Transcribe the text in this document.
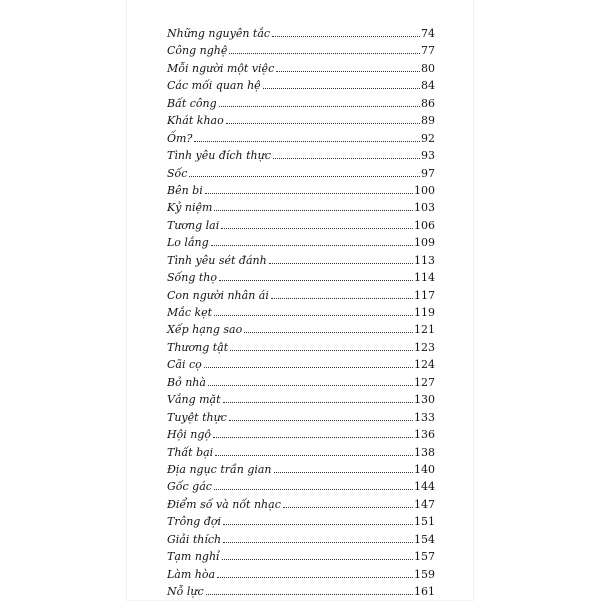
Những nguyên tắc	74
Công nghệ	77
Mỗi người một việc	80
Các mối quan hệ	84
Bất công	86
Khát khao	89
Ốm?	92
Tình yêu đích thực	93
Sốc	97
Bên bi	100
Kỷ niệm	103
Tương lai	106
Lo lắng	109
Tình yêu sét đánh	113
Sống thọ	114
Con người nhân ái	117
Mắc kẹt	119
Xếp hạng sao	121
Thương tật	123
Cãi cọ	124
Bỏ nhà	127
Vắng mặt	130
Tuyệt thực	133
Hội ngộ	136
Thất bại	138
Địa ngục trần gian	140
Gốc gác	144
Điểm số và nốt nhạc	147
Trông đợi	151
Giải thích	154
Tạm nghỉ	157
Làm hòa	159
Nỗ lực	161
